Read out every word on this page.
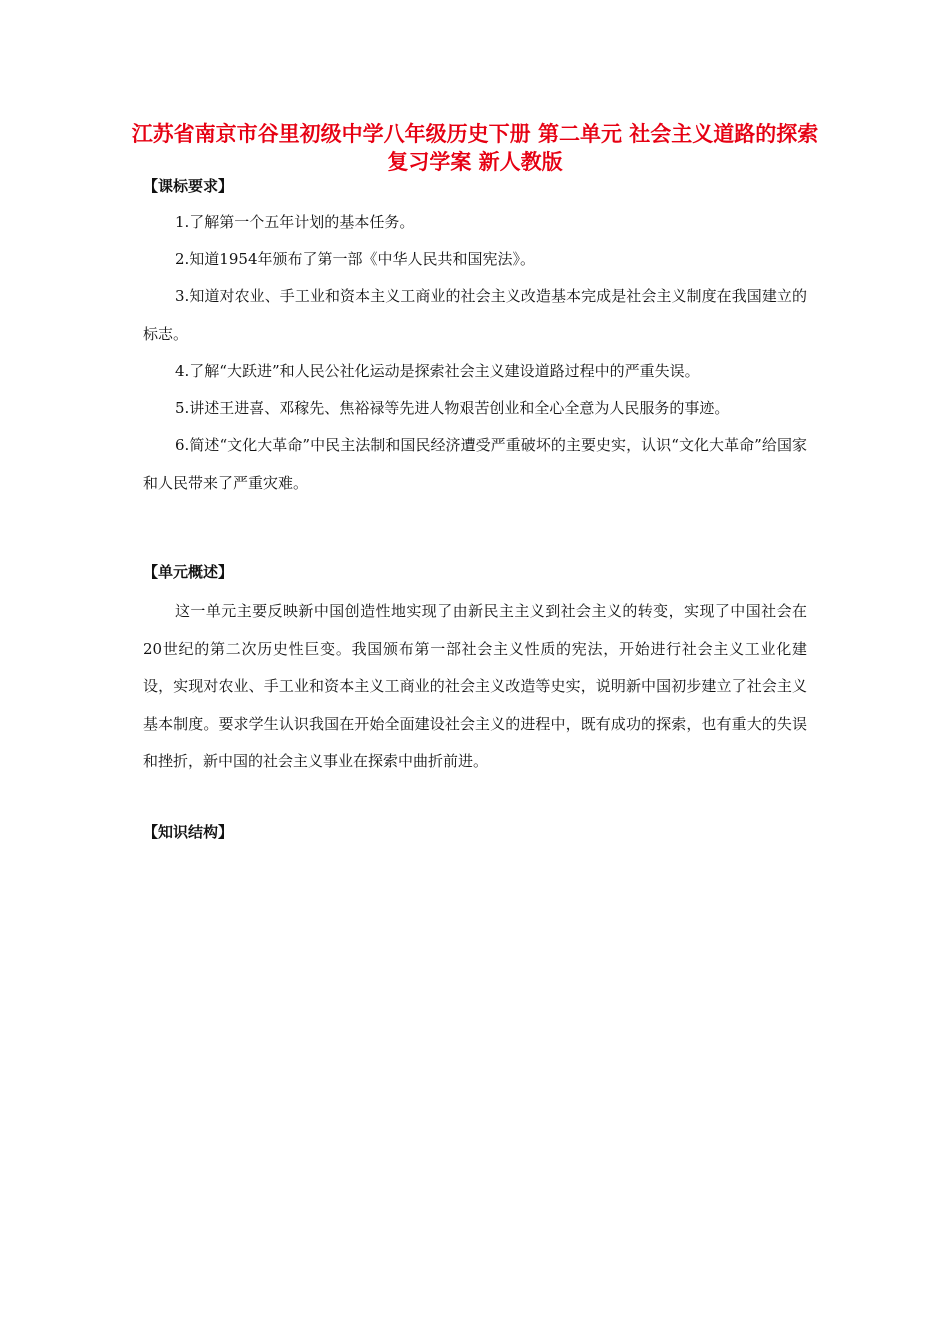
江苏省南京市谷里初级中学八年级历史下册 第二单元 社会主义道路的探索 复习学案 新人教版
【课标要求】

1.了解第一个五年计划的基本任务。

2.知道1954年颁布了第一部《中华人民共和国宪法》。

3.知道对农业、手工业和资本主义工商业的社会主义改造基本完成是社会主义制度在我国建立的标志。

4.了解“大跃进”和人民公社化运动是探索社会主义建设道路过程中的严重失误。

5.讲述王进喜、邓稼先、焦裕禄等先进人物艰苦创业和全心全意为人民服务的事迹。

6.简述“文化大革命”中民主法制和国民经济遭受严重破坏的主要史实，认识“文化大革命”给国家和人民带来了严重灾难。

【单元概述】

这一单元主要反映新中国创造性地实现了由新民主主义到社会主义的转变，实现了中国社会在20世纪的第二次历史性巨变。我国颁布第一部社会主义性质的宪法，开始进行社会主义工业化建设，实现对农业、手工业和资本主义工商业的社会主义改造等史实，说明新中国初步建立了社会主义基本制度。要求学生认识我国在开始全面建设社会主义的进程中，既有成功的探索，也有重大的失误和挫折，新中国的社会主义事业在探索中曲折前进。

【知识结构】
